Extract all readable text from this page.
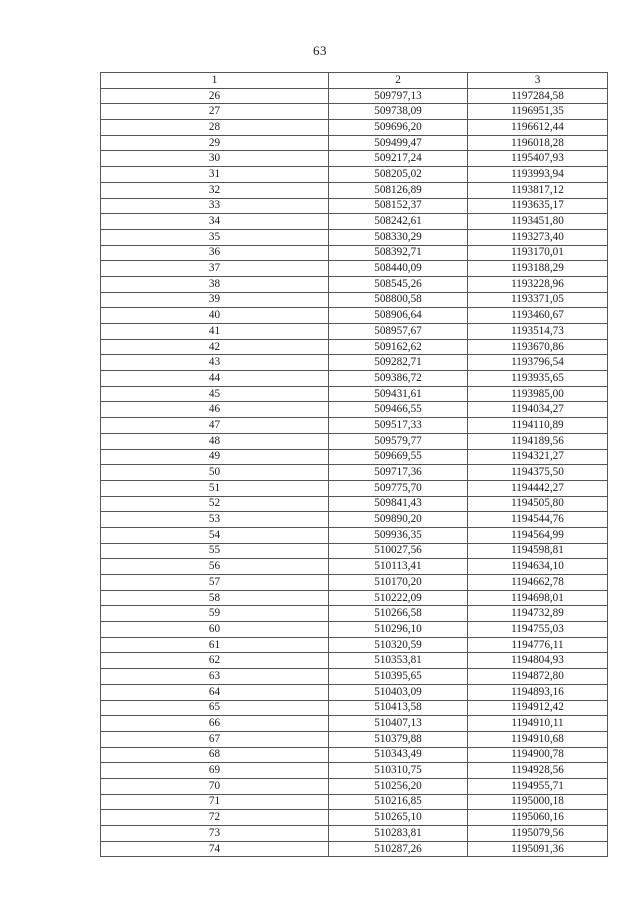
63
1	2	3
26	509797,13	1197284,58
27	509738,09	1196951,35
28	509696,20	1196612,44
29	509499,47	1196018,28
30	509217,24	1195407,93
31	508205,02	1193993,94
32	508126,89	1193817,12
33	508152,37	1193635,17
34	508242,61	1193451,80
35	508330,29	1193273,40
36	508392,71	1193170,01
37	508440,09	1193188,29
38	508545,26	1193228,96
39	508800,58	1193371,05
40	508906,64	1193460,67
41	508957,67	1193514,73
42	509162,62	1193670,86
43	509282,71	1193796,54
44	509386,72	1193935,65
45	509431,61	1193985,00
46	509466,55	1194034,27
47	509517,33	1194110,89
48	509579,77	1194189,56
49	509669,55	1194321,27
50	509717,36	1194375,50
51	509775,70	1194442,27
52	509841,43	1194505,80
53	509890,20	1194544,76
54	509936,35	1194564,99
55	510027,56	1194598,81
56	510113,41	1194634,10
57	510170,20	1194662,78
58	510222,09	1194698,01
59	510266,58	1194732,89
60	510296,10	1194755,03
61	510320,59	1194776,11
62	510353,81	1194804,93
63	510395,65	1194872,80
64	510403,09	1194893,16
65	510413,58	1194912,42
66	510407,13	1194910,11
67	510379,88	1194910,68
68	510343,49	1194900,78
69	510310,75	1194928,56
70	510256,20	1194955,71
71	510216,85	1195000,18
72	510265,10	1195060,16
73	510283,81	1195079,56
74	510287,26	1195091,36
